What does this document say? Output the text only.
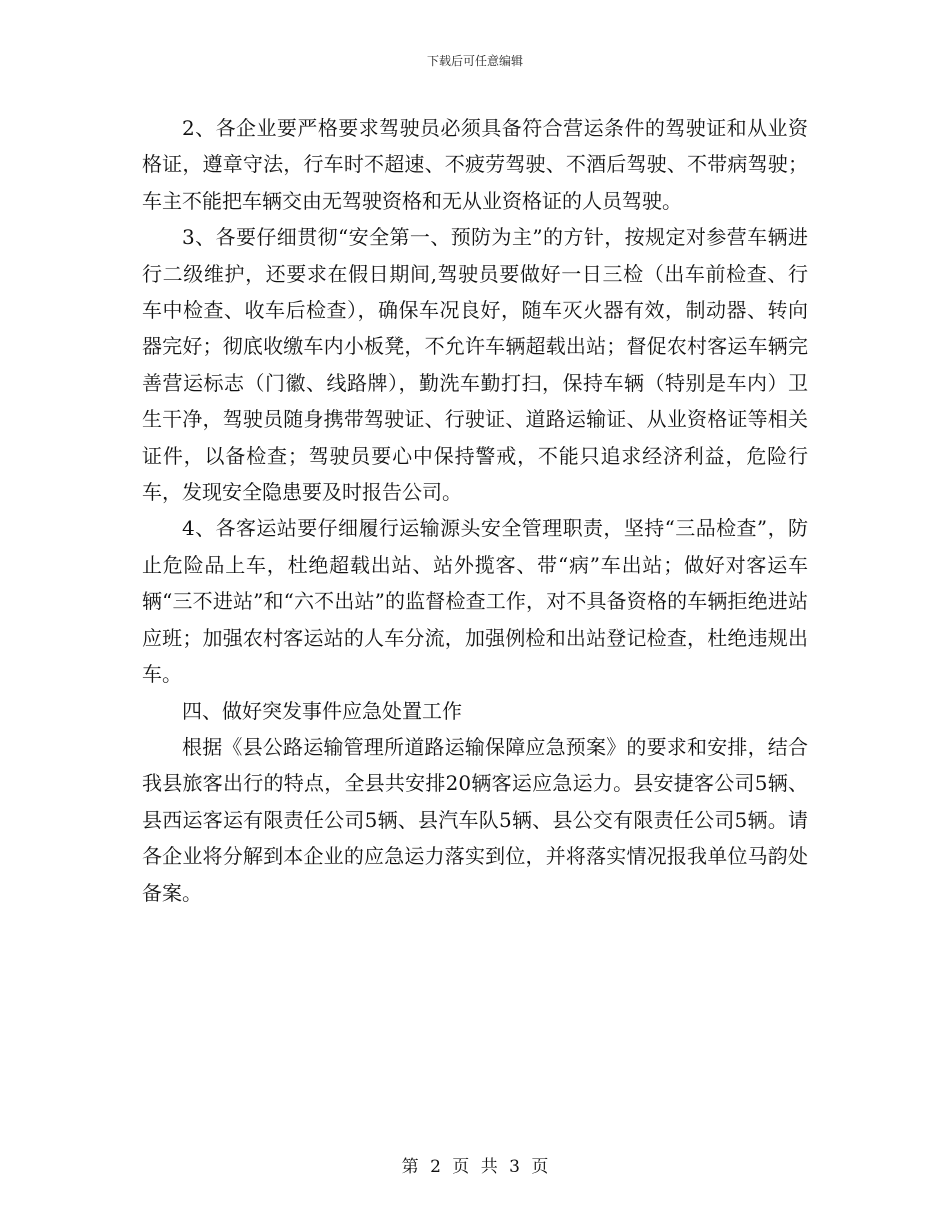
下载后可任意编辑

2、各企业要严格要求驾驶员必须具备符合营运条件的驾驶证和从业资格证，遵章守法，行车时不超速、不疲劳驾驶、不酒后驾驶、不带病驾驶；车主不能把车辆交由无驾驶资格和无从业资格证的人员驾驶。

3、各要仔细贯彻“安全第一、预防为主”的方针，按规定对参营车辆进行二级维护，还要求在假日期间,驾驶员要做好一日三检（出车前检查、行车中检查、收车后检查），确保车况良好，随车灭火器有效，制动器、转向器完好；彻底收缴车内小板凳，不允许车辆超载出站；督促农村客运车辆完善营运标志（门徽、线路牌），勤洗车勤打扫，保持车辆（特别是车内）卫生干净，驾驶员随身携带驾驶证、行驶证、道路运输证、从业资格证等相关证件，以备检查；驾驶员要心中保持警戒，不能只追求经济利益，危险行车，发现安全隐患要及时报告公司。

4、各客运站要仔细履行运输源头安全管理职责，坚持“三品检查”，防止危险品上车，杜绝超载出站、站外揽客、带“病”车出站；做好对客运车辆“三不进站”和“六不出站”的监督检查工作，对不具备资格的车辆拒绝进站应班；加强农村客运站的人车分流，加强例检和出站登记检查，杜绝违规出车。

四、做好突发事件应急处置工作

根据《县公路运输管理所道路运输保障应急预案》的要求和安排，结合我县旅客出行的特点，全县共安排20辆客运应急运力。县安捷客公司5辆、县西运客运有限责任公司5辆、县汽车队5辆、县公交有限责任公司5辆。请各企业将分解到本企业的应急运力落实到位，并将落实情况报我单位马韵处备案。

第 2 页 共 3 页
